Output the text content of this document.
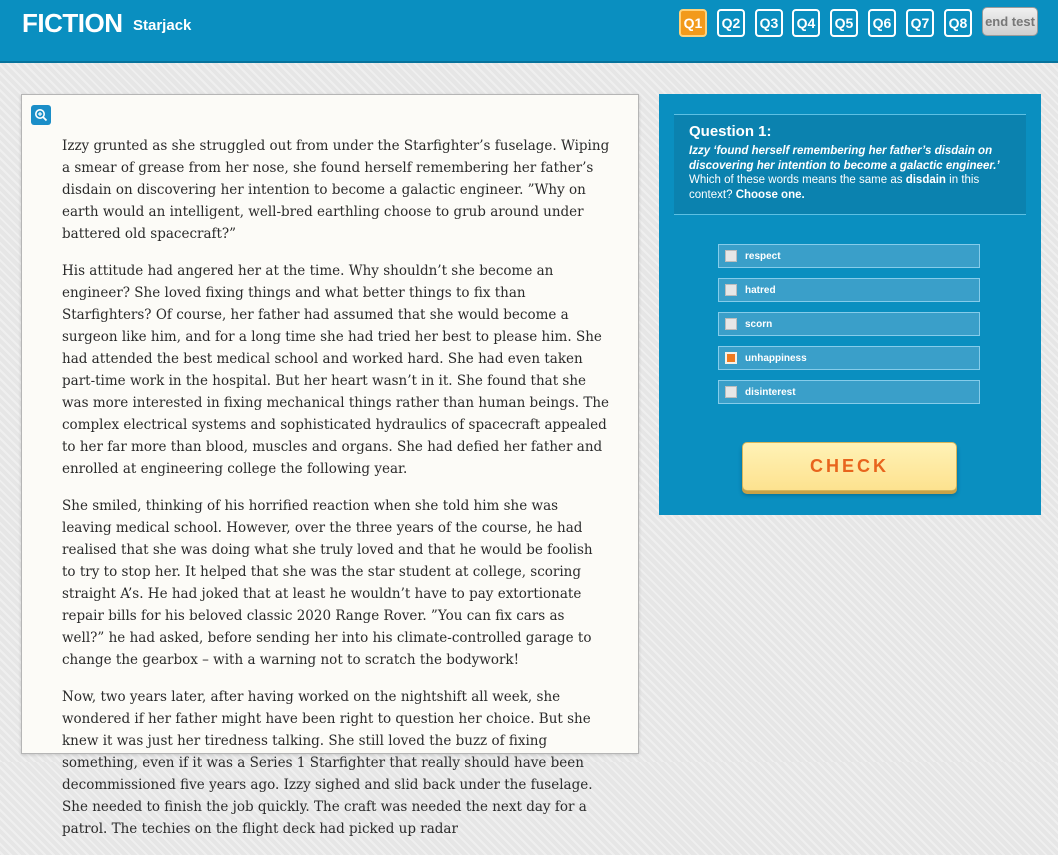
FICTION Starjack	Q1	Q2	Q3	Q4	Q5	Q6	Q7	Q8	end test

Izzy grunted as she struggled out from under the Starfighter’s fuselage. Wiping a smear of grease from her nose, she found herself remembering her father’s disdain on discovering her intention to become a galactic engineer. ”Why on earth would an intelligent, well-bred earthling choose to grub around under battered old spacecraft?”

His attitude had angered her at the time. Why shouldn’t she become an engineer? She loved fixing things and what better things to fix than Starfighters? Of course, her father had assumed that she would become a surgeon like him, and for a long time she had tried her best to please him. She had attended the best medical school and worked hard. She had even taken part-time work in the hospital. But her heart wasn’t in it. She found that she was more interested in fixing mechanical things rather than human beings. The complex electrical systems and sophisticated hydraulics of spacecraft appealed to her far more than blood, muscles and organs. She had defied her father and enrolled at engineering college the following year.

She smiled, thinking of his horrified reaction when she told him she was leaving medical school. However, over the three years of the course, he had realised that she was doing what she truly loved and that he would be foolish to try to stop her. It helped that she was the star student at college, scoring straight A’s. He had joked that at least he wouldn’t have to pay extortionate repair bills for his beloved classic 2020 Range Rover. ”You can fix cars as well?” he had asked, before sending her into his climate-controlled garage to change the gearbox – with a warning not to scratch the bodywork!

Now, two years later, after having worked on the nightshift all week, she wondered if her father might have been right to question her choice. But she knew it was just her tiredness talking. She still loved the buzz of fixing something, even if it was a Series 1 Starfighter that really should have been decommissioned five years ago. Izzy sighed and slid back under the fuselage. She needed to finish the job quickly. The craft was needed the next day for a patrol. The techies on the flight deck had picked up radar

Question 1:
Izzy ‘found herself remembering her father’s disdain on discovering her intention to become a galactic engineer.’
Which of these words means the same as disdain in this context? Choose one.
respect
hatred
scorn
unhappiness
disinterest
CHECK
